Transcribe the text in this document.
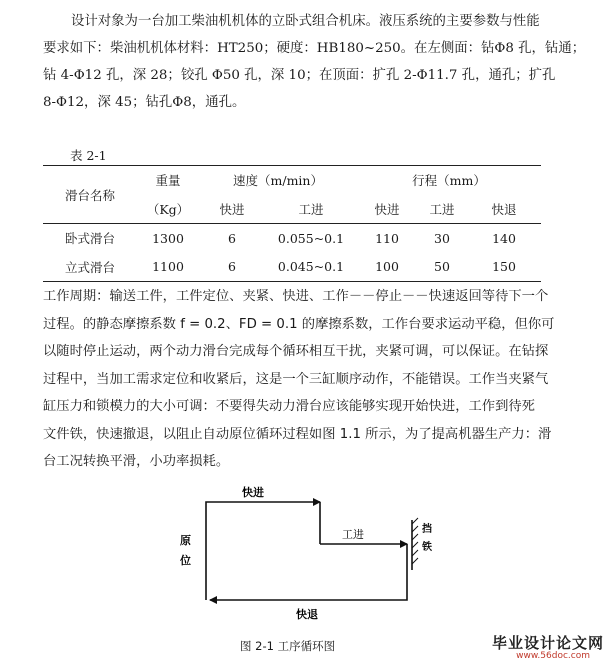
设计对象为一台加工柴油机机体的立卧式组合机床。液压系统的主要参数与性能
要求如下：柴油机机体材料：HT250；硬度：HB180~250。在左侧面：钻Φ8 孔，钻通；
钻 4-Φ12 孔，深 28；铰孔 Φ50 孔，深 10；在顶面：扩孔 2-Φ11.7 孔，通孔；扩孔
8-Φ12，深 45；钻孔Φ8，通孔。
表 2-1
滑台名称	重量	速度（m/min）		行程（mm）		
	（Kg）	快进	工进	快进	工进	快退
卧式滑台	1300	6	0.055~0.1	110	30	140
立式滑台	1100	6	0.045~0.1	100	50	150
工作周期：输送工件，工件定位、夹紧、快进、工作－－停止－－快速返回等待下一个
过程。的静态摩擦系数 f = 0.2、FD = 0.1 的摩擦系数，工作台要求运动平稳，但你可
以随时停止运动，两个动力滑台完成每个循环相互干扰，夹紧可调，可以保证。在钻探
过程中，当加工需求定位和收紧后，这是一个三缸顺序动作，不能错误。工作当夹紧气
缸压力和锁模力的大小可调：不要得失动力滑台应该能够实现开始快进，工作到待死
文件铁，快速撤退，以阻止自动原位循环过程如图 1.1 所示，为了提高机器生产力：滑
台工况转换平滑，小功率损耗。
快进
工进
快退
原
位
挡
铁
图 2-1 工序循环图	毕业设计论文网
www.56doc.com
